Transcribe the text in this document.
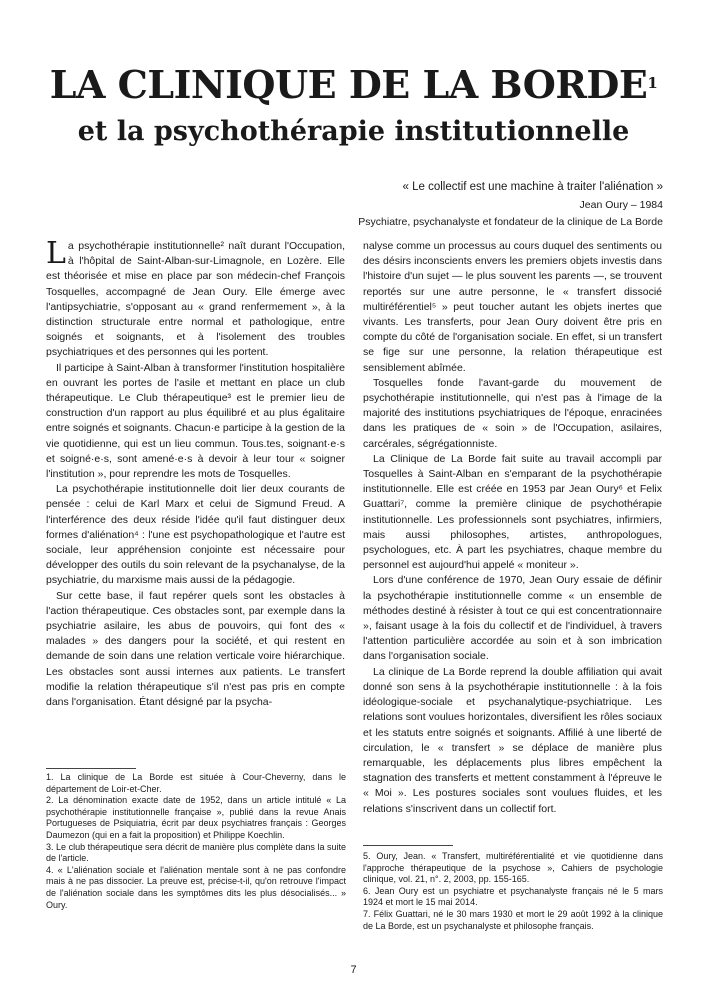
LA CLINIQUE DE LA BORDE$^1$
et la psychothérapie institutionnelle
« Le collectif est une machine à traiter l'aliénation »
Jean Oury – 1984
Psychiatre, psychanalyste et fondateur de la clinique de La Borde

La psychothérapie institutionnelle² naît durant l'Occupation, à l'hôpital de Saint-Alban-sur-Limagnole, en Lozère. Elle est théorisée et mise en place par son médecin-chef François Tosquelles, accompagné de Jean Oury. Elle émerge avec l'antipsychiatrie, s'opposant au « grand renfermement », à la distinction structurale entre normal et pathologique, entre soignés et soignants, et à l'isolement des troubles psychiatriques et des personnes qui les portent.

Il participe à Saint-Alban à transformer l'institution hospitalière en ouvrant les portes de l'asile et mettant en place un club thérapeutique. Le Club thérapeutique³ est le premier lieu de construction d'un rapport au plus équilibré et au plus égalitaire entre soignés et soignants. Chacun·e participe à la gestion de la vie quotidienne, qui est un lieu commun. Tous.tes, soignant·e·s et soigné·e·s, sont amené·e·s à devoir à leur tour « soigner l'institution », pour reprendre les mots de Tosquelles.

La psychothérapie institutionnelle doit lier deux courants de pensée : celui de Karl Marx et celui de Sigmund Freud. A l'interférence des deux réside l'idée qu'il faut distinguer deux formes d'aliénation⁴ : l'une est psychopathologique et l'autre est sociale, leur appréhension conjointe est nécessaire pour développer des outils du soin relevant de la psychanalyse, de la psychiatrie, du marxisme mais aussi de la pédagogie.

Sur cette base, il faut repérer quels sont les obstacles à l'action thérapeutique. Ces obstacles sont, par exemple dans la psychiatrie asilaire, les abus de pouvoirs, qui font des « malades » des dangers pour la société, et qui restent en demande de soin dans une relation verticale voire hiérarchique. Les obstacles sont aussi internes aux patients. Le transfert modifie la relation thérapeutique s'il n'est pas pris en compte dans l'organisation. Étant désigné par la psycha-

nalyse comme un processus au cours duquel des sentiments ou des désirs inconscients envers les premiers objets investis dans l'histoire d'un sujet — le plus souvent les parents —, se trouvent reportés sur une autre personne, le « transfert dissocié multiréférentiel⁵ » peut toucher autant les objets inertes que vivants. Les transferts, pour Jean Oury doivent être pris en compte du côté de l'organisation sociale. En effet, si un transfert se fige sur une personne, la relation thérapeutique est sensiblement abîmée.

Tosquelles fonde l'avant-garde du mouvement de psychothérapie institutionnelle, qui n'est pas à l'image de la majorité des institutions psychiatriques de l'époque, enracinées dans les pratiques de « soin » de l'Occupation, asilaires, carcérales, ségrégationniste.

La Clinique de La Borde fait suite au travail accompli par Tosquelles à Saint-Alban en s'emparant de la psychothérapie institutionnelle. Elle est créée en 1953 par Jean Oury⁶ et Felix Guattari⁷, comme la première clinique de psychothérapie institutionnelle. Les professionnels sont psychiatres, infirmiers, mais aussi philosophes, artistes, anthropologues, psychologues, etc. À part les psychiatres, chaque membre du personnel est aujourd'hui appelé « moniteur ».

Lors d'une conférence de 1970, Jean Oury essaie de définir la psychothérapie institutionnelle comme « un ensemble de méthodes destiné à résister à tout ce qui est concentrationnaire », faisant usage à la fois du collectif et de l'individuel, à travers l'attention particulière accordée au soin et à son imbrication dans l'organisation sociale.

La clinique de La Borde reprend la double affiliation qui avait donné son sens à la psychothérapie institutionnelle : à la fois idéologique-sociale et psychanalytique-psychiatrique. Les relations sont voulues horizontales, diversifient les rôles sociaux et les statuts entre soignés et soignants. Affilié à une liberté de circulation, le « transfert » se déplace de manière plus remarquable, les déplacements plus libres empêchent la stagnation des transferts et mettent constamment à l'épreuve le « Moi ». Les postures sociales sont voulues fluides, et les relations s'inscrivent dans un collectif fort.

1. La clinique de La Borde est située à Cour-Cheverny, dans le département de Loir-et-Cher.

2. La dénomination exacte date de 1952, dans un article intitulé « La psychothérapie institutionnelle française », publié dans la revue Anais Portugueses de Psiquiatria, écrit par deux psychiatres français : Georges Daumezon (qui en a fait la proposition) et Philippe Koechlin.

3. Le club thérapeutique sera décrit de manière plus complète dans la suite de l'article.

4. « L'aliénation sociale et l'aliénation mentale sont à ne pas confondre mais à ne pas dissocier. La preuve est, précise-t-il, qu'on retrouve l'impact de l'aliénation sociale dans les symptômes dits les plus désocialisés... » Oury.

5. Oury, Jean. « Transfert, multiréférentialité et vie quotidienne dans l'approche thérapeutique de la psychose », Cahiers de psychologie clinique, vol. 21, n°. 2, 2003, pp. 155-165.

6. Jean Oury est un psychiatre et psychanalyste français né le 5 mars 1924 et mort le 15 mai 2014.

7. Félix Guattari, né le 30 mars 1930 et mort le 29 août 1992 à la clinique de La Borde, est un psychanalyste et philosophe français.

7
